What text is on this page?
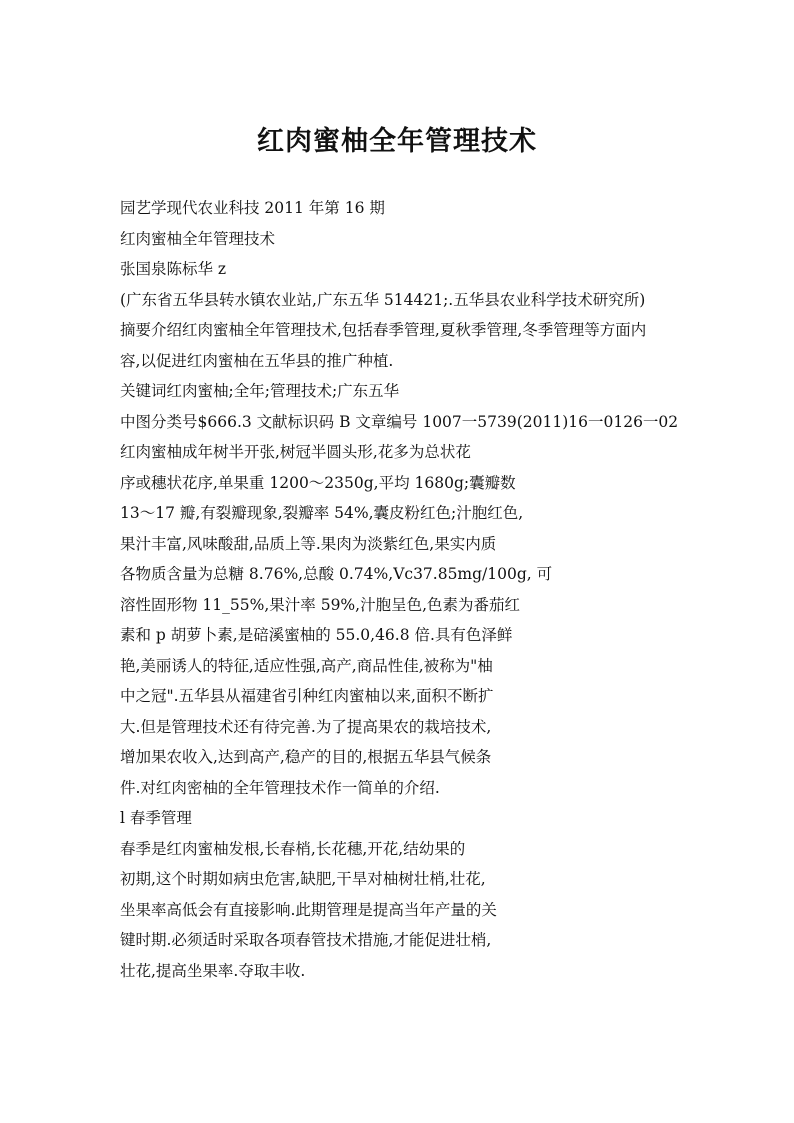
红肉蜜柚全年管理技术
园艺学现代农业科技 2011 年第 16 期
红肉蜜柚全年管理技术
张国泉陈标华 z
(广东省五华县转水镇农业站,广东五华 514421;.五华县农业科学技术研究所)
摘要介绍红肉蜜柚全年管理技术,包括春季管理,夏秋季管理,冬季管理等方面内
容,以促进红肉蜜柚在五华县的推广种植.
关键词红肉蜜柚;全年;管理技术;广东五华
中图分类号$666.3 文献标识码 B 文章编号 1007一5739(2011)16一0126一02
红肉蜜柚成年树半开张,树冠半圆头形,花多为总状花
序或穗状花序,单果重 1200～2350g,平均 1680g;囊瓣数
13～17 瓣,有裂瓣现象,裂瓣率 54%,囊皮粉红色;汁胞红色,
果汁丰富,风味酸甜,品质上等.果肉为淡紫红色,果实内质
各物质含量为总糖 8.76%,总酸 0.74%,Vc37.85mg/100g, 可
溶性固形物 11_55%,果汁率 59%,汁胞呈色,色素为番茄红
素和 p 胡萝卜素,是碚溪蜜柚的 55.0,46.8 倍.具有色泽鲜
艳,美丽诱人的特征,适应性强,高产,商品性佳,被称为"柚
中之冠".五华县从福建省引种红肉蜜柚以来,面积不断扩
大.但是管理技术还有待完善.为了提高果农的栽培技术,
增加果农收入,达到高产,稳产的目的,根据五华县气候条
件.对红肉密柚的全年管理技术作一简单的介绍.
l 春季管理
春季是红肉蜜柚发根,长春梢,长花穗,开花,结幼果的
初期,这个时期如病虫危害,缺肥,干旱对柚树壮梢,壮花,
坐果率高低会有直接影响.此期管理是提高当年产量的关
键时期.必须适时采取各项春管技术措施,才能促进壮梢,
壮花,提高坐果率.夺取丰收.
